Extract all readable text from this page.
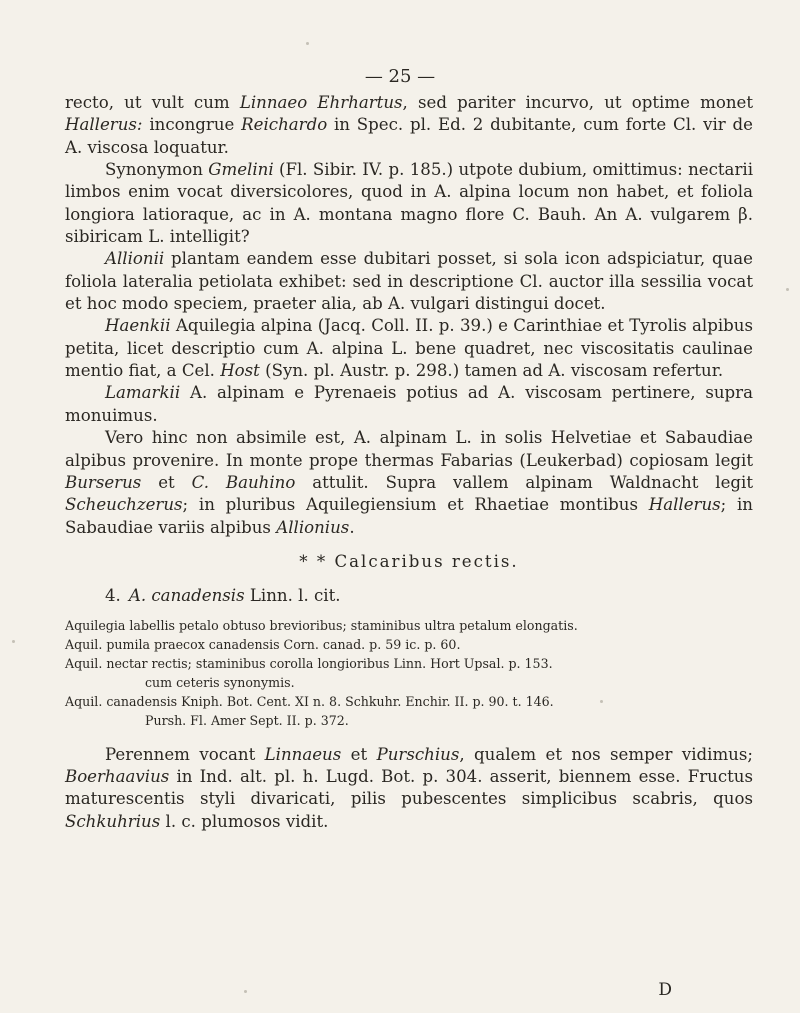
— 25 —

recto, ut vult cum Linnaeo Ehrhartus, sed pariter incurvo, ut optime monet Hallerus: incongrue Reichardo in Spec. pl. Ed. 2 dubitante, cum forte Cl. vir de A. viscosa loquatur.

Synonymon Gmelini (Fl. Sibir. IV. p. 185.) utpote dubium, omittimus: nectarii limbos enim vocat diversicolores, quod in A. alpina locum non habet, et foliola longiora latioraque, ac in A. montana magno flore C. Bauh. An A. vulgarem β. sibiricam L. intelligit?

Allionii plantam eandem esse dubitari posset, si sola icon adspiciatur, quae foliola lateralia petiolata exhibet: sed in descriptione Cl. auctor illa sessilia vocat et hoc modo speciem, praeter alia, ab A. vulgari distingui docet.

Haenkii Aquilegia alpina (Jacq. Coll. II. p. 39.) e Carinthiae et Tyrolis alpibus petita, licet descriptio cum A. alpina L. bene quadret, nec viscositatis caulinae mentio fiat, a Cel. Host (Syn. pl. Austr. p. 298.) tamen ad A. viscosam refertur.

Lamarkii A. alpinam e Pyrenaeis potius ad A. viscosam pertinere, supra monuimus.

Vero hinc non absimile est, A. alpinam L. in solis Helvetiae et Sabaudiae alpibus provenire. In monte prope thermas Fabarias (Leukerbad) copiosam legit Burserus et C. Bauhino attulit. Supra vallem alpinam Waldnacht legit Scheuchzerus; in pluribus Aquilegiensium et Rhaetiae montibus Hallerus; in Sabaudiae variis alpibus Allionius.

* * Calcaribus rectis.

4. A. canadensis Linn. l. cit.

Aquilegia labellis petalo obtuso brevioribus; staminibus ultra petalum elongatis.

Aquil. pumila praecox canadensis Corn. canad. p. 59 ic. p. 60.

Aquil. nectar rectis; staminibus corolla longioribus Linn. Hort Upsal. p. 153.

cum ceteris synonymis.

Aquil. canadensis Kniph. Bot. Cent. XI n. 8. Schkuhr. Enchir. II. p. 90. t. 146.

Pursh. Fl. Amer Sept. II. p. 372.

Perennem vocant Linnaeus et Purschius, qualem et nos semper vidimus; Boerhaavius in Ind. alt. pl. h. Lugd. Bot. p. 304. asserit, biennem esse. Fructus maturescentis styli divaricati, pilis pubescentes simplicibus scabris, quos Schkuhrius l. c. plumosos vidit.

D
